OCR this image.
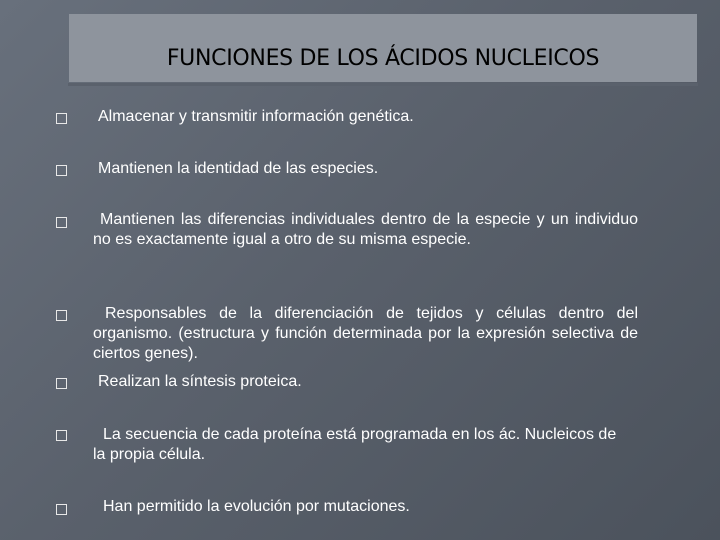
FUNCIONES DE LOS ÁCIDOS NUCLEICOS
Almacenar y transmitir información genética.
Mantienen la identidad de las especies.
Mantienen las diferencias individuales dentro de la especie y un individuo no es exactamente igual a otro de su misma especie.
Responsables de la diferenciación de tejidos y células dentro del organismo. (estructura y función determinada por la expresión selectiva de ciertos genes).
Realizan la síntesis proteica.
La secuencia de cada proteína está programada en los ác. Nucleicos de la propia célula.
Han permitido la evolución por mutaciones.
